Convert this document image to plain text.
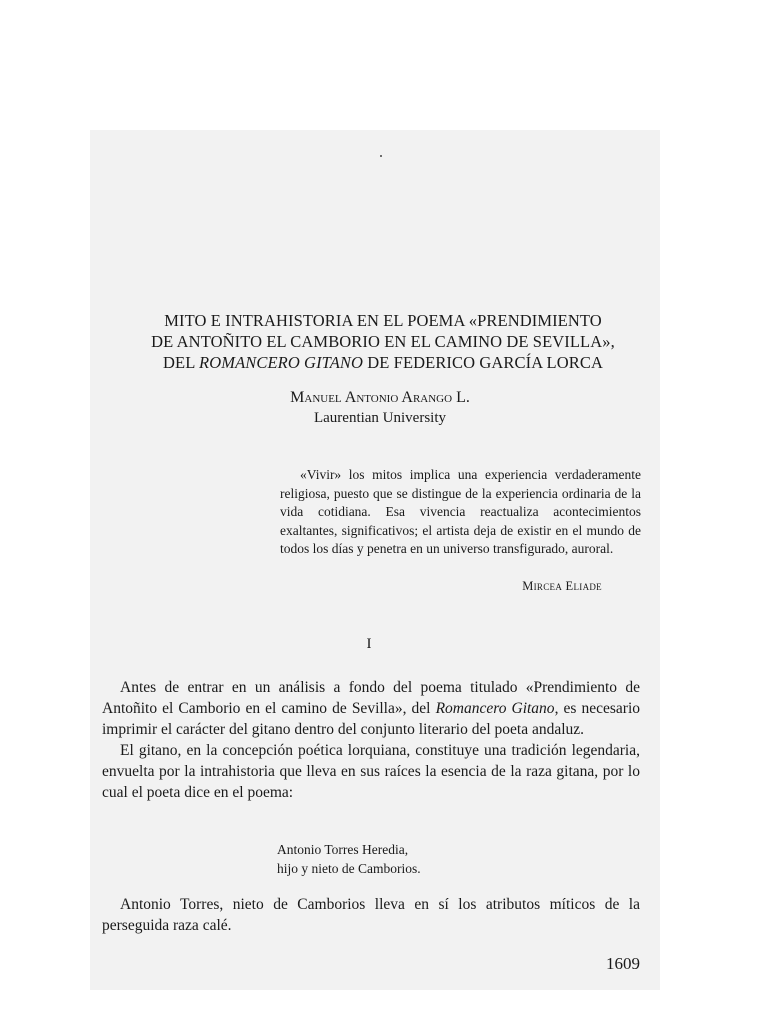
MITO E INTRAHISTORIA EN EL POEMA «PRENDIMIENTO
DE ANTOÑITO EL CAMBORIO EN EL CAMINO DE SEVILLA»,
DEL ROMANCERO GITANO DE FEDERICO GARCÍA LORCA
Manuel Antonio Arango L.
Laurentian University
«Vivir» los mitos implica una experiencia verdaderamente religiosa, puesto que se distingue de la experiencia ordinaria de la vida cotidiana. Esa vivencia reactualiza acontecimientos exaltantes, significativos; el artista deja de existir en el mundo de todos los días y penetra en un universo transfigurado, auroral.
Mircea Eliade
I

Antes de entrar en un análisis a fondo del poema titulado «Prendimiento de Antoñito el Camborio en el camino de Sevilla», del Romancero Gitano, es necesario imprimir el carácter del gitano dentro del conjunto literario del poeta andaluz.

El gitano, en la concepción poética lorquiana, constituye una tradición legendaria, envuelta por la intrahistoria que lleva en sus raíces la esencia de la raza gitana, por lo cual el poeta dice en el poema:

Antonio Torres Heredia,
hijo y nieto de Camborios.

Antonio Torres, nieto de Camborios lleva en sí los atributos míticos de la perseguida raza calé.

1609
